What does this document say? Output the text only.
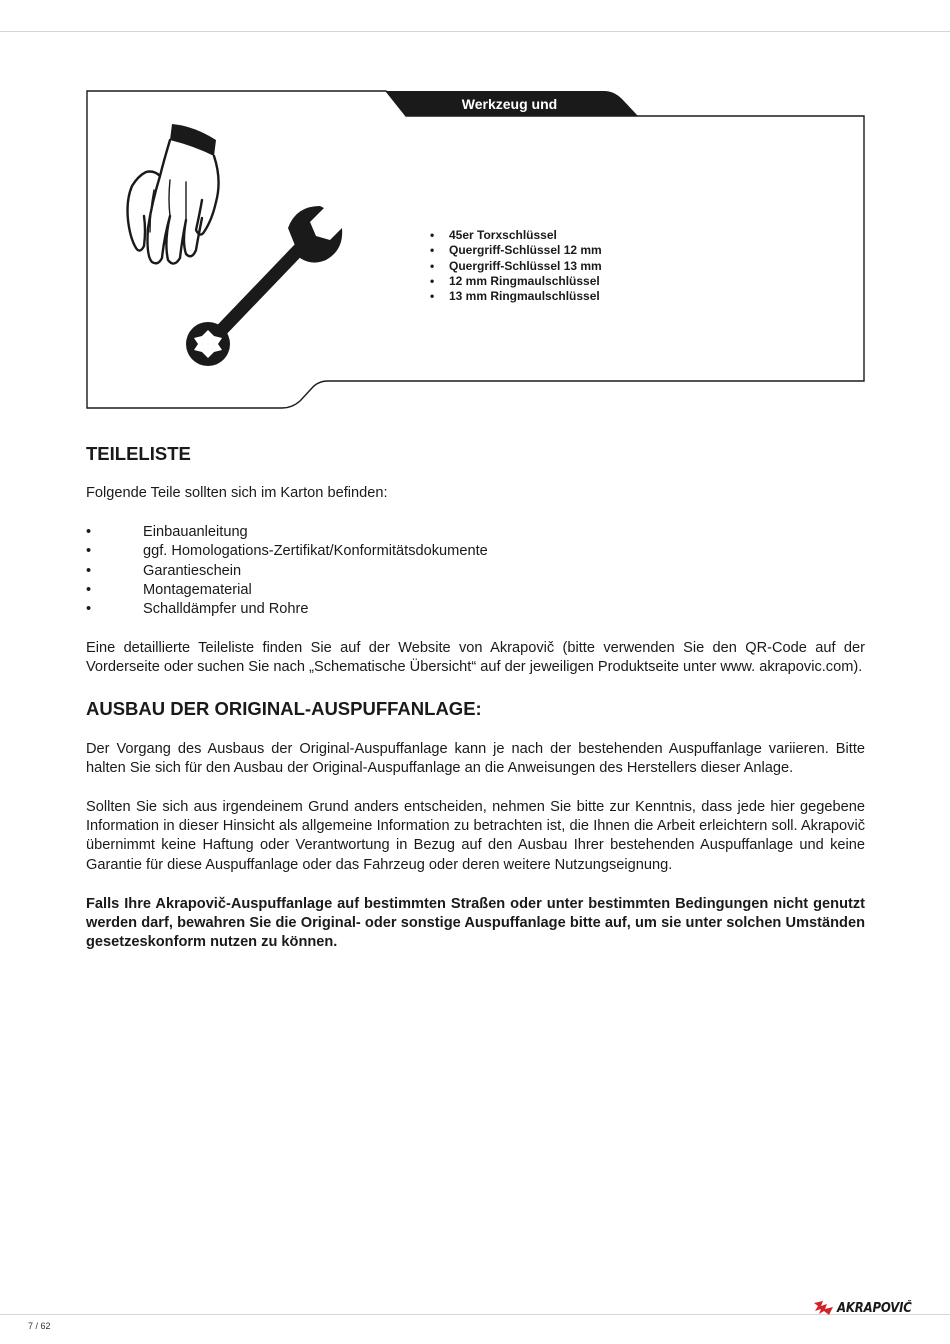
Werkzeug und Ausrüstung
• 45er Torxschlüssel
• Quergriff-Schlüssel 12 mm
• Quergriff-Schlüssel 13 mm
• 12 mm Ringmaulschlüssel
• 13 mm Ringmaulschlüssel
TEILELISTE

Folgende Teile sollten sich im Karton befinden:

• Einbauanleitung
• ggf. Homologations-Zertifikat/Konformitätsdokumente
• Garantieschein
• Montagematerial
• Schalldämpfer und Rohre

Eine detaillierte Teileliste finden Sie auf der Website von Akrapovič (bitte verwenden Sie den QR-Code auf der Vorderseite oder suchen Sie nach „Schematische Übersicht“ auf der jeweiligen Produktseite unter www. akrapovic.com).

AUSBAU DER ORIGINAL-AUSPUFFANLAGE:

Der Vorgang des Ausbaus der Original-Auspuffanlage kann je nach der bestehenden Auspuffanlage variieren. Bitte halten Sie sich für den Ausbau der Original-Auspuffanlage an die Anweisungen des Herstellers dieser Anlage.

Sollten Sie sich aus irgendeinem Grund anders entscheiden, nehmen Sie bitte zur Kenntnis, dass jede hier gegebene Information in dieser Hinsicht als allgemeine Information zu betrachten ist, die Ihnen die Arbeit erleichtern soll. Akrapovič übernimmt keine Haftung oder Verantwortung in Bezug auf den Ausbau Ihrer bestehenden Auspuffanlage und keine Garantie für diese Auspuffanlage oder das Fahrzeug oder deren weitere Nutzungseignung.

Falls Ihre Akrapovič-Auspuffanlage auf bestimmten Straßen oder unter bestimmten Bedingungen nicht genutzt werden darf, bewahren Sie die Original- oder sonstige Auspuffanlage bitte auf, um sie unter solchen Umständen gesetzeskonform nutzen zu können.

7 / 62
AKRAPOVIČ
